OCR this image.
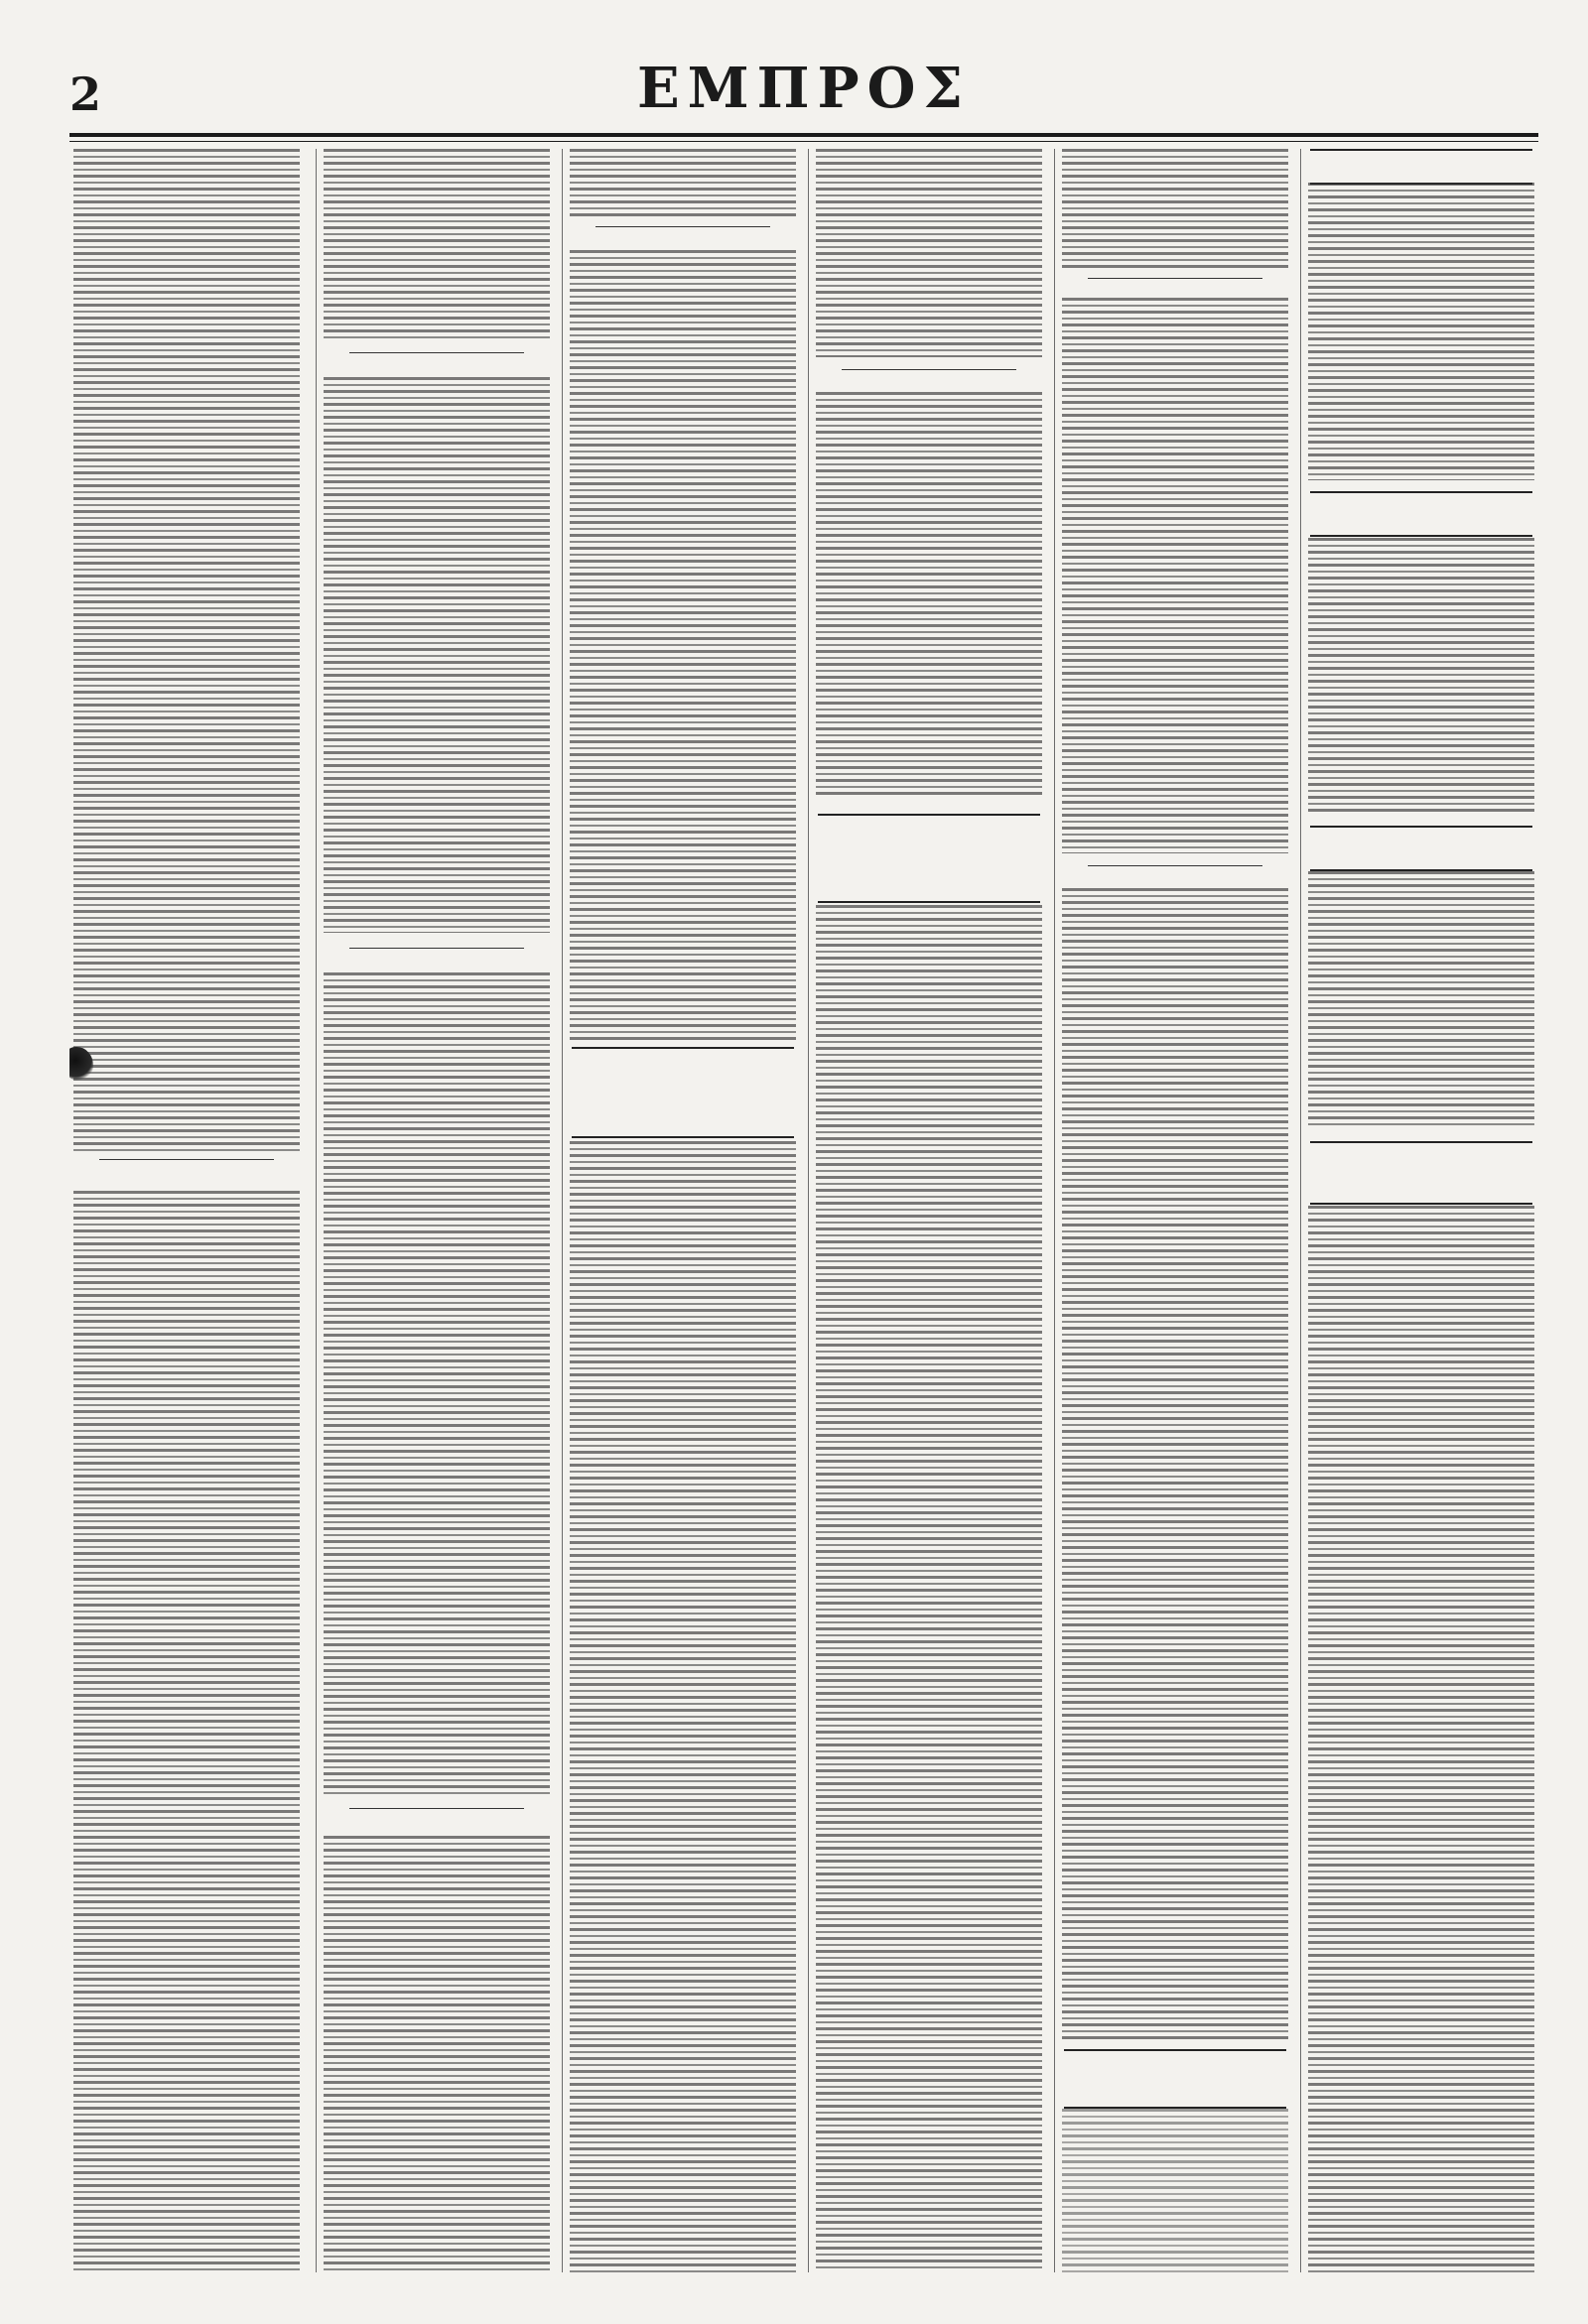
2	ΕΜΠΡΟΣ
